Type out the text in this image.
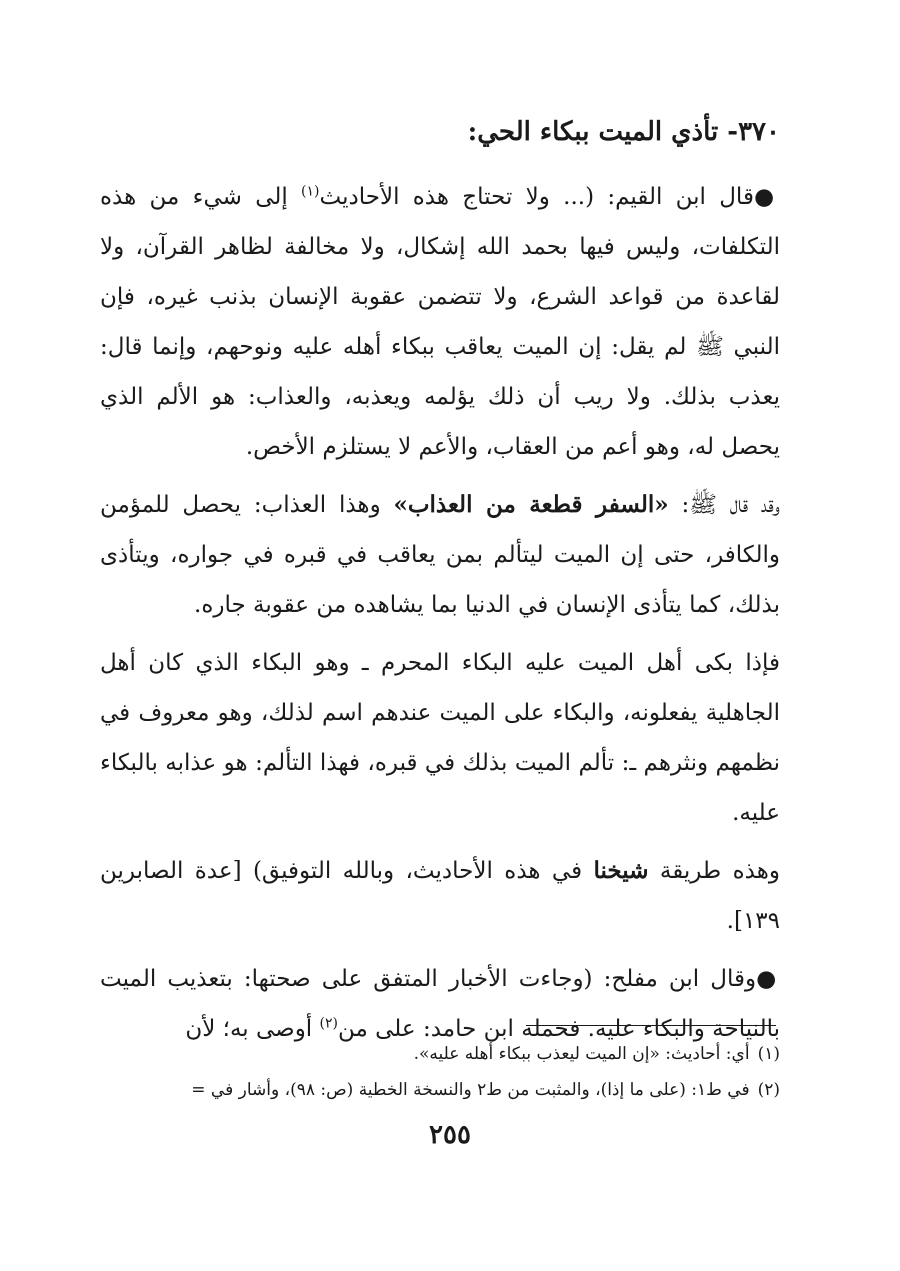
٣٧٠- تأذي الميت ببكاء الحي:

●قال ابن القيم: (... ولا تحتاج هذه الأحاديث$^{(١)}$ إلى شيء من هذه التكلفات، وليس فيها بحمد الله إشكال، ولا مخالفة لظاهر القرآن، ولا لقاعدة من قواعد الشرع، ولا تتضمن عقوبة الإنسان بذنب غيره، فإن النبي ﷺ لم يقل: إن الميت يعاقب ببكاء أهله عليه ونوحهم، وإنما قال: يعذب بذلك. ولا ريب أن ذلك يؤلمه ويعذبه، والعذاب: هو الألم الذي يحصل له، وهو أعم من العقاب، والأعم لا يستلزم الأخص.

وقد قال ﷺ: «السفر قطعة من العذاب» وهذا العذاب: يحصل للمؤمن والكافر، حتى إن الميت ليتألم بمن يعاقب في قبره في جواره، ويتأذى بذلك، كما يتأذى الإنسان في الدنيا بما يشاهده من عقوبة جاره.

فإذا بكى أهل الميت عليه البكاء المحرم ـ وهو البكاء الذي كان أهل الجاهلية يفعلونه، والبكاء على الميت عندهم اسم لذلك، وهو معروف في نظمهم ونثرهم ـ: تألم الميت بذلك في قبره، فهذا التألم: هو عذابه بالبكاء عليه.

وهذه طريقة شيخنا في هذه الأحاديث، وبالله التوفيق) [عدة الصابرين ١٣٩].

●وقال ابن مفلح: (وجاءت الأخبار المتفق على صحتها: بتعذيب الميت بالنياحة والبكاء عليه. فحمله ابن حامد: على من$^{(٢)}$ أوصى به؛ لأن

(١)أي: أحاديث: «إن الميت ليعذب ببكاء أهله عليه».
(٢)في ط١: (على ما إذا)، والمثبت من ط٢ والنسخة الخطية (ص: ٩٨)، وأشار في =
٢٥٥
